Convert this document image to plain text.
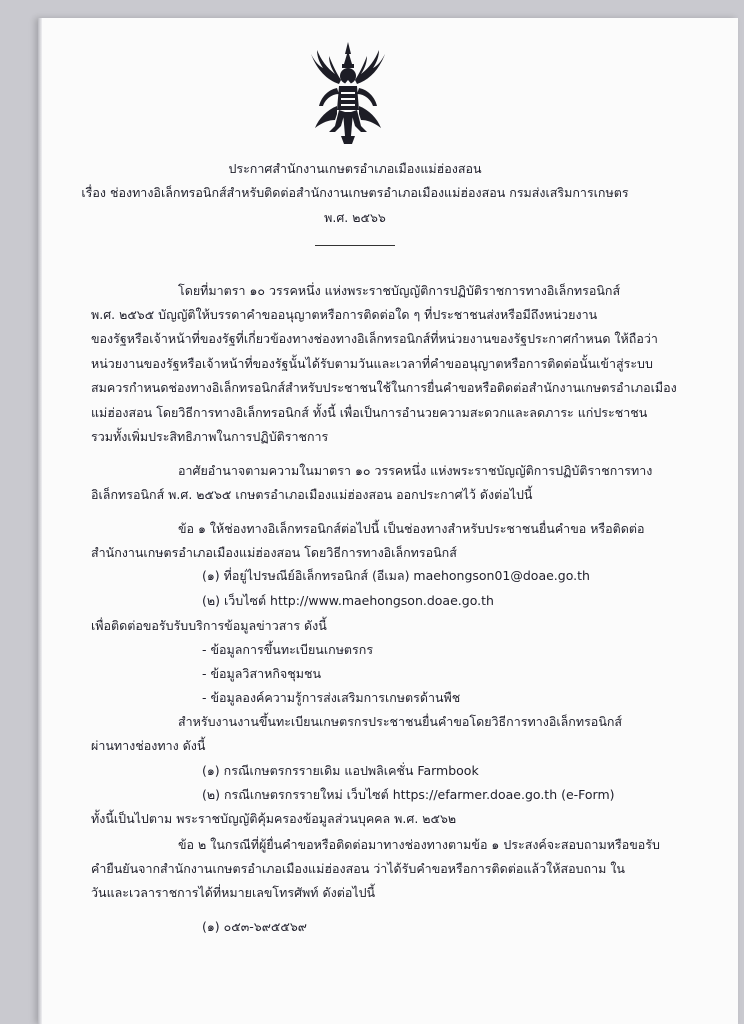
ประกาศสำนักงานเกษตรอำเภอเมืองแม่ฮ่องสอน
เรื่อง ช่องทางอิเล็กทรอนิกส์สำหรับติดต่อสำนักงานเกษตรอำเภอเมืองแม่ฮ่องสอน กรมส่งเสริมการเกษตร
พ.ศ. ๒๕๖๖
โดยที่มาตรา ๑๐ วรรคหนึ่ง แห่งพระราชบัญญัติการปฏิบัติราชการทางอิเล็กทรอนิกส์
พ.ศ. ๒๕๖๕ บัญญัติให้บรรดาคำขออนุญาตหรือการติดต่อใด ๆ ที่ประชาชนส่งหรือมีถึงหน่วยงาน
ของรัฐหรือเจ้าหน้าที่ของรัฐที่เกี่ยวข้องทางช่องทางอิเล็กทรอนิกส์ที่หน่วยงานของรัฐประกาศกำหนด ให้ถือว่า
หน่วยงานของรัฐหรือเจ้าหน้าที่ของรัฐนั้นได้รับตามวันและเวลาที่คำขออนุญาตหรือการติดต่อนั้นเข้าสู่ระบบ
สมควรกำหนดช่องทางอิเล็กทรอนิกส์สำหรับประชาชนใช้ในการยื่นคำขอหรือติดต่อสำนักงานเกษตรอำเภอเมือง
แม่ฮ่องสอน โดยวิธีการทางอิเล็กทรอนิกส์ ทั้งนี้ เพื่อเป็นการอำนวยความสะดวกและลดภาระ แก่ประชาชน
รวมทั้งเพิ่มประสิทธิภาพในการปฏิบัติราชการ
อาศัยอำนาจตามความในมาตรา ๑๐ วรรคหนึ่ง แห่งพระราชบัญญัติการปฏิบัติราชการทาง
อิเล็กทรอนิกส์ พ.ศ. ๒๕๖๕ เกษตรอำเภอเมืองแม่ฮ่องสอน ออกประกาศไว้ ดังต่อไปนี้
ข้อ ๑ ให้ช่องทางอิเล็กทรอนิกส์ต่อไปนี้ เป็นช่องทางสำหรับประชาชนยื่นคำขอ หรือติดต่อ
สำนักงานเกษตรอำเภอเมืองแม่ฮ่องสอน โดยวิธีการทางอิเล็กทรอนิกส์
(๑) ที่อยู่ไปรษณีย์อิเล็กทรอนิกส์ (อีเมล) maehongson01@doae.go.th
(๒) เว็บไซต์ http://www.maehongson.doae.go.th
เพื่อติดต่อขอรับรับบริการข้อมูลข่าวสาร ดังนี้
- ข้อมูลการขึ้นทะเบียนเกษตรกร
- ข้อมูลวิสาหกิจชุมชน
- ข้อมูลองค์ความรู้การส่งเสริมการเกษตรด้านพืช
สำหรับงานงานขึ้นทะเบียนเกษตรกรประชาชนยื่นคำขอโดยวิธีการทางอิเล็กทรอนิกส์
ผ่านทางช่องทาง ดังนี้
(๑) กรณีเกษตรกรรายเดิม แอปพลิเคชั่น Farmbook
(๒) กรณีเกษตรกรรายใหม่ เว็บไซต์ https://efarmer.doae.go.th (e-Form)
ทั้งนี้เป็นไปตาม พระราชบัญญัติคุ้มครองข้อมูลส่วนบุคคล พ.ศ. ๒๕๖๒
ข้อ ๒ ในกรณีที่ผู้ยื่นคำขอหรือติดต่อมาทางช่องทางตามข้อ ๑ ประสงค์จะสอบถามหรือขอรับ
คำยืนยันจากสำนักงานเกษตรอำเภอเมืองแม่ฮ่องสอน ว่าได้รับคำขอหรือการติดต่อแล้วให้สอบถาม ใน
วันและเวลาราชการได้ที่หมายเลขโทรศัพท์ ดังต่อไปนี้
(๑) ๐๕๓-๖๙๕๕๖๙
